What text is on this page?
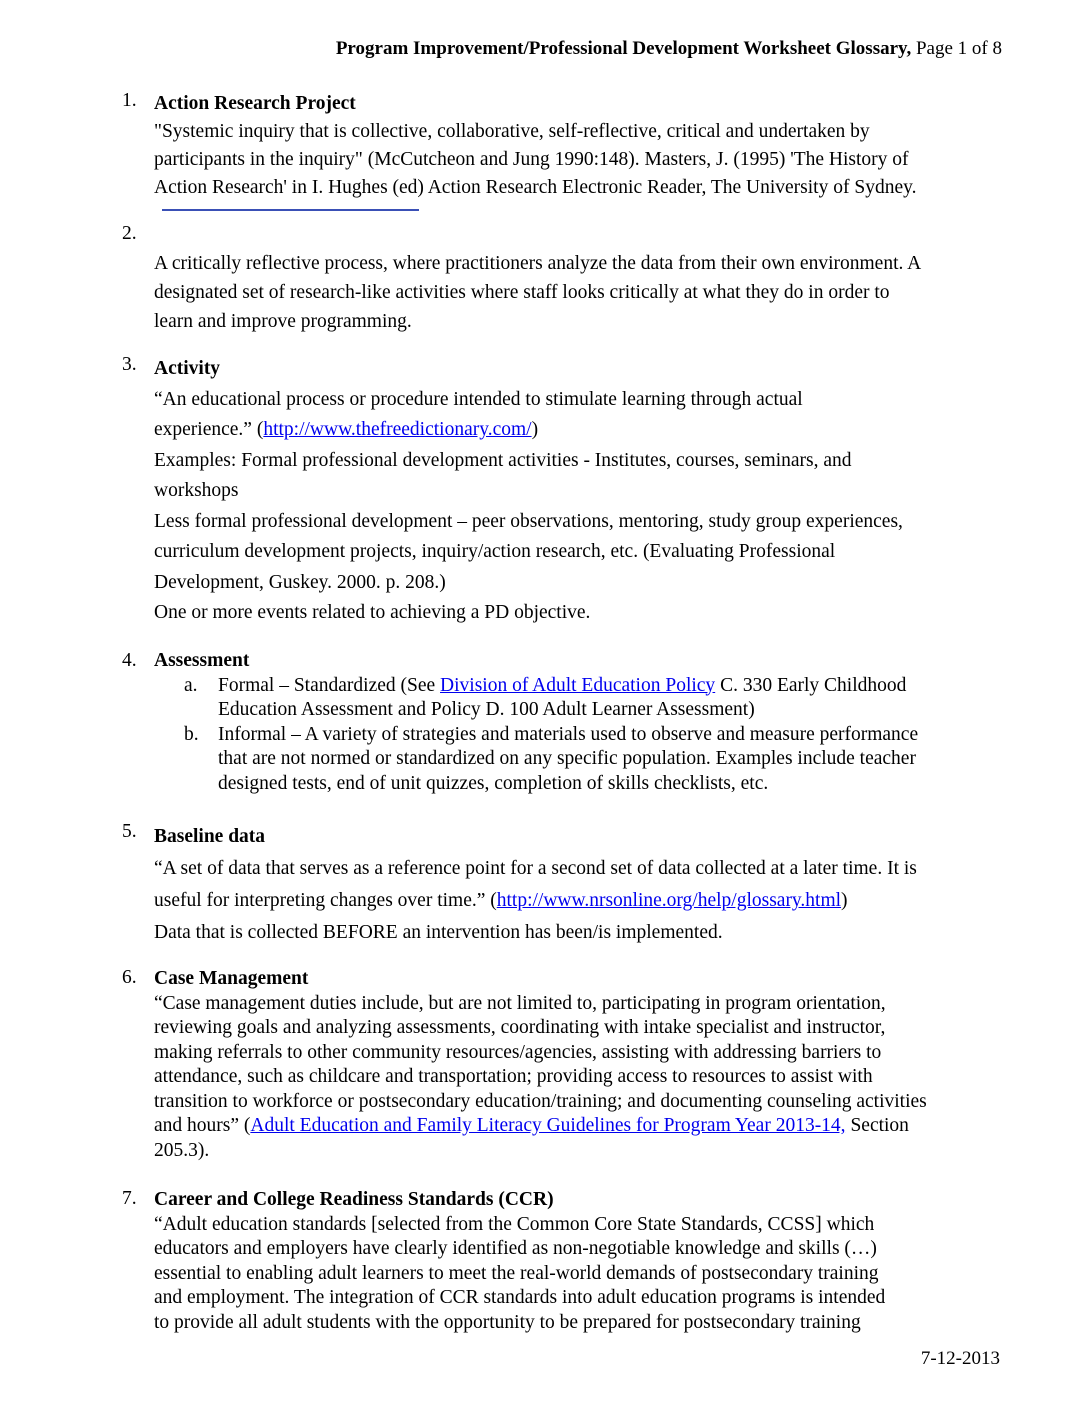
Program Improvement/Professional Development Worksheet Glossary, Page 1 of 8
1. Action Research Project
"Systemic inquiry that is collective, collaborative, self-reflective, critical and undertaken by
participants in the inquiry" (McCutcheon and Jung 1990:148). Masters, J. (1995) 'The History of
Action Research' in I. Hughes (ed) Action Research Electronic Reader, The University of Sydney.
2.
A critically reflective process, where practitioners analyze the data from their own environment. A
designated set of research-like activities where staff looks critically at what they do in order to
learn and improve programming.
3. Activity
“An educational process or procedure intended to stimulate learning through actual
experience.” (http://www.thefreedictionary.com/)
Examples: Formal professional development activities - Institutes, courses, seminars, and
workshops
Less formal professional development – peer observations, mentoring, study group experiences,
curriculum development projects, inquiry/action research, etc. (Evaluating Professional
Development, Guskey. 2000. p. 208.)
One or more events related to achieving a PD objective.
4. Assessment
a. Formal – Standardized (See Division of Adult Education Policy C. 330 Early Childhood
Education Assessment and Policy D. 100 Adult Learner Assessment)
b. Informal – A variety of strategies and materials used to observe and measure performance
that are not normed or standardized on any specific population. Examples include teacher
designed tests, end of unit quizzes, completion of skills checklists, etc.
5. Baseline data
“A set of data that serves as a reference point for a second set of data collected at a later time. It is
useful for interpreting changes over time.” (http://www.nrsonline.org/help/glossary.html)
Data that is collected BEFORE an intervention has been/is implemented.
6. Case Management
“Case management duties include, but are not limited to, participating in program orientation,
reviewing goals and analyzing assessments, coordinating with intake specialist and instructor,
making referrals to other community resources/agencies, assisting with addressing barriers to
attendance, such as childcare and transportation; providing access to resources to assist with
transition to workforce or postsecondary education/training; and documenting counseling activities
and hours” (Adult Education and Family Literacy Guidelines for Program Year 2013-14, Section
205.3).
7. Career and College Readiness Standards (CCR)
“Adult education standards [selected from the Common Core State Standards, CCSS] which
educators and employers have clearly identified as non-negotiable knowledge and skills (…)
essential to enabling adult learners to meet the real-world demands of postsecondary training
and employment. The integration of CCR standards into adult education programs is intended
to provide all adult students with the opportunity to be prepared for postsecondary training
7-12-2013
